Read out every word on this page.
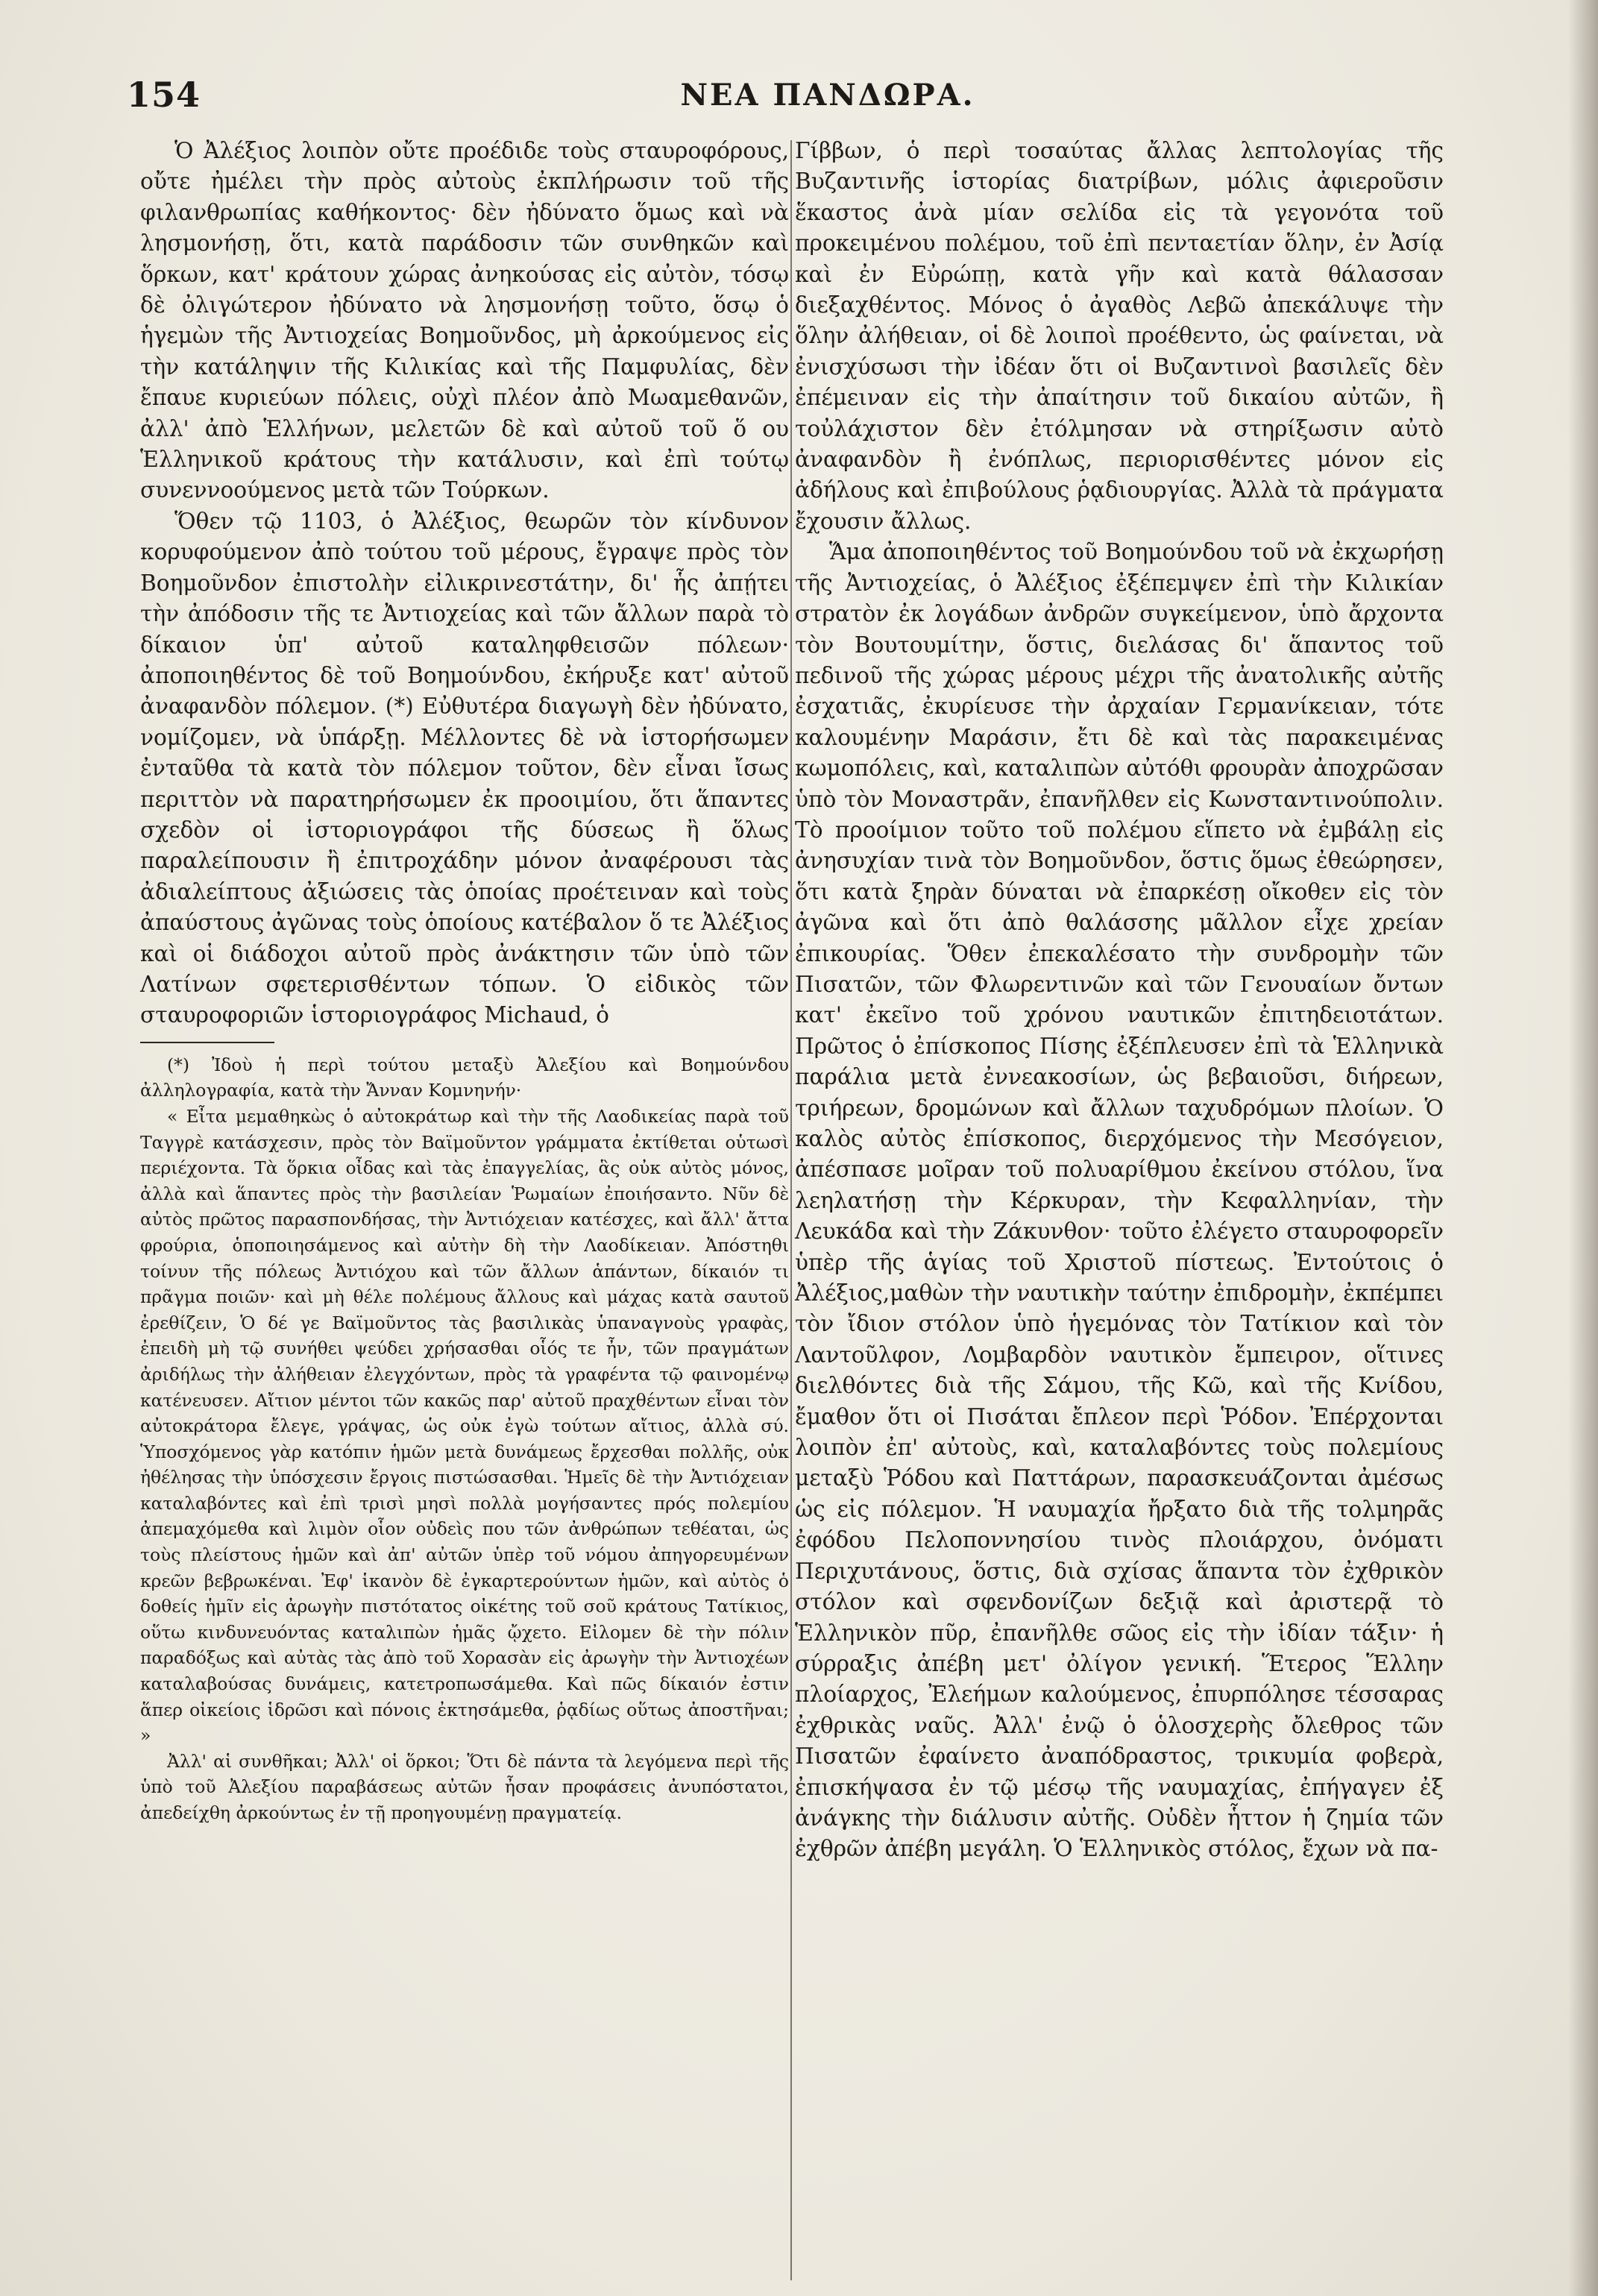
154	ΝΕΑ ΠΑΝΔΩΡΑ.

Ὁ Ἀλέξιος λοιπὸν οὔτε προέδιδε τοὺς σταυροφόρους, οὔτε ἠμέλει τὴν πρὸς αὐτοὺς ἐκπλήρωσιν τοῦ τῆς φιλανθρωπίας καθήκοντος· δὲν ἠδύνατο ὅμως καὶ νὰ λησμονήσῃ, ὅτι, κατὰ παράδοσιν τῶν συνθηκῶν καὶ ὅρκων, κατ' κράτουν χώρας ἀνηκούσας εἰς αὐτὸν, τόσῳ δὲ ὀλιγώτερον ἠδύνατο νὰ λησμονήσῃ τοῦτο, ὅσῳ ὁ ἡγεμὼν τῆς Ἀντιοχείας Βοημοῦνδος, μὴ ἀρκούμενος εἰς τὴν κατάληψιν τῆς Κιλικίας καὶ τῆς Παμφυλίας, δὲν ἔπαυε κυριεύων πόλεις, οὐχὶ πλέον ἀπὸ Μωαμεθανῶν, ἀλλ' ἀπὸ Ἑλλήνων, μελετῶν δὲ καὶ αὐτοῦ τοῦ ὅ ου Ἑλληνικοῦ κράτους τὴν κατάλυσιν, καὶ ἐπὶ τούτῳ συνεννοούμενος μετὰ τῶν Τούρκων.

Ὅθεν τῷ 1103, ὁ Ἀλέξιος, θεωρῶν τὸν κίνδυνον κορυφούμενον ἀπὸ τούτου τοῦ μέρους, ἔγραψε πρὸς τὸν Βοημοῦνδον ἐπιστολὴν εἰλικρινεστάτην, δι' ἧς ἀπῄτει τὴν ἀπόδοσιν τῆς τε Ἀντιοχείας καὶ τῶν ἄλλων παρὰ τὸ δίκαιον ὑπ' αὐτοῦ καταληφθεισῶν πόλεων· ἀποποιηθέντος δὲ τοῦ Βοημούνδου, ἐκήρυξε κατ' αὐτοῦ ἀναφανδὸν πόλεμον. (*) Εὐθυτέρα διαγωγὴ δὲν ἠδύνατο, νομίζομεν, νὰ ὑπάρξῃ. Μέλλοντες δὲ νὰ ἱστορήσωμεν ἐνταῦθα τὰ κατὰ τὸν πόλεμον τοῦτον, δὲν εἶναι ἴσως περιττὸν νὰ παρατηρήσωμεν ἐκ προοιμίου, ὅτι ἅπαντες σχεδὸν οἱ ἱστοριογράφοι τῆς δύσεως ἢ ὅλως παραλείπουσιν ἢ ἐπιτροχάδην μόνον ἀναφέρουσι τὰς ἀδιαλείπτους ἀξιώσεις τὰς ὁποίας προέτειναν καὶ τοὺς ἀπαύστους ἀγῶνας τοὺς ὁποίους κατέβαλον ὅ τε Ἀλέξιος καὶ οἱ διάδοχοι αὐτοῦ πρὸς ἀνάκτησιν τῶν ὑπὸ τῶν Λατίνων σφετερισθέντων τόπων. Ὁ εἰδικὸς τῶν σταυροφοριῶν ἱστοριογράφος Michaud, ὁ

(*) Ἰδοὺ ἡ περὶ τούτου μεταξὺ Ἀλεξίου καὶ Βοημούνδου ἀλληλογραφία, κατὰ τὴν Ἄνναν Κομνηνήν·

« Εἶτα μεμαθηκὼς ὁ αὐτοκράτωρ καὶ τὴν τῆς Λαοδικείας παρὰ τοῦ Ταγγρὲ κατάσχεσιν, πρὸς τὸν Βαϊμοῦντον γράμματα ἐκτίθεται οὑτωσὶ περιέχοντα. Τὰ ὅρκια οἶδας καὶ τὰς ἐπαγγελίας, ἃς οὐκ αὐτὸς μόνος, ἀλλὰ καὶ ἅπαντες πρὸς τὴν βασιλείαν Ῥωμαίων ἐποιήσαντο. Νῦν δὲ αὐτὸς πρῶτος παρασπονδήσας, τὴν Ἀντιόχειαν κατέσχες, καὶ ἄλλ' ἄττα φρούρια, ὁποποιησάμενος καὶ αὐτὴν δὴ τὴν Λαοδίκειαν. Ἀπόστηθι τοίνυν τῆς πόλεως Ἀντιόχου καὶ τῶν ἄλλων ἁπάντων, δίκαιόν τι πρᾶγμα ποιῶν· καὶ μὴ θέλε πολέμους ἄλλους καὶ μάχας κατὰ σαυτοῦ ἐρεθίζειν, Ὁ δέ γε Βαϊμοῦντος τὰς βασιλικὰς ὑπαναγνοὺς γραφὰς, ἐπειδὴ μὴ τῷ συνήθει ψεύδει χρήσασθαι οἷός τε ἦν, τῶν πραγμάτων ἀριδήλως τὴν ἀλήθειαν ἐλεγχόντων, πρὸς τὰ γραφέντα τῷ φαινομένῳ κατένευσεν. Αἴτιον μέντοι τῶν κακῶς παρ' αὐτοῦ πραχθέντων εἶναι τὸν αὐτοκράτορα ἔλεγε, γράψας, ὡς οὐκ ἐγὼ τούτων αἴτιος, ἀλλὰ σύ. Ὑποσχόμενος γὰρ κατόπιν ἡμῶν μετὰ δυνάμεως ἔρχεσθαι πολλῆς, οὐκ ἠθέλησας τὴν ὑπόσχεσιν ἔργοις πιστώσασθαι. Ἡμεῖς δὲ τὴν Ἀντιόχειαν καταλαβόντες καὶ ἐπὶ τρισὶ μησὶ πολλὰ μογήσαντες πρός πολεμίου ἀπεμαχόμεθα καὶ λιμὸν οἷον οὐδεὶς που τῶν ἀνθρώπων τεθέαται, ὡς τοὺς πλείστους ἡμῶν καὶ ἀπ' αὐτῶν ὑπὲρ τοῦ νόμου ἀπηγορευμένων κρεῶν βεβρωκέναι. Ἐφ' ἱκανὸν δὲ ἐγκαρτερούντων ἡμῶν, καὶ αὐτὸς ὁ δοθείς ἡμῖν εἰς ἀρωγὴν πιστότατος οἰκέτης τοῦ σοῦ κράτους Τατίκιος, οὕτω κινδυνευόντας καταλιπὼν ἡμᾶς ᾤχετο. Εἰλομεν δὲ τὴν πόλιν παραδόξως καὶ αὐτὰς τὰς ἀπὸ τοῦ Χορασὰν εἰς ἀρωγὴν τὴν Ἀντιοχέων καταλαβούσας δυνάμεις, κατετροπωσάμεθα. Καὶ πῶς δίκαιόν ἐστιν ἅπερ οἰκείοις ἱδρῶσι καὶ πόνοις ἐκτησάμεθα, ῥᾳδίως οὕτως ἀποστῆναι; »

Ἀλλ' αἱ συνθῆκαι; Ἀλλ' οἱ ὅρκοι; Ὅτι δὲ πάντα τὰ λεγόμενα περὶ τῆς ὑπὸ τοῦ Ἀλεξίου παραβάσεως αὐτῶν ἦσαν προφάσεις ἀνυπόστατοι, ἀπεδείχθη ἀρκούντως ἐν τῇ προηγουμένῃ πραγματείᾳ.

Γίββων, ὁ περὶ τοσαύτας ἄλλας λεπτολογίας τῆς Βυζαντινῆς ἱστορίας διατρίβων, μόλις ἀφιεροῦσιν ἕκαστος ἀνὰ μίαν σελίδα εἰς τὰ γεγονότα τοῦ προκειμένου πολέμου, τοῦ ἐπὶ πενταετίαν ὅλην, ἐν Ἀσίᾳ καὶ ἐν Εὐρώπῃ, κατὰ γῆν καὶ κατὰ θάλασσαν διεξαχθέντος. Μόνος ὁ ἀγαθὸς Λεβῶ ἀπεκάλυψε τὴν ὅλην ἀλήθειαν, οἱ δὲ λοιποὶ προέθεντο, ὡς φαίνεται, νὰ ἐνισχύσωσι τὴν ἰδέαν ὅτι οἱ Βυζαντινοὶ βασιλεῖς δὲν ἐπέμειναν εἰς τὴν ἀπαίτησιν τοῦ δικαίου αὐτῶν, ἢ τοὐλάχιστον δὲν ἐτόλμησαν νὰ στηρίξωσιν αὐτὸ ἀναφανδὸν ἢ ἐνόπλως, περιορισθέντες μόνον εἰς ἀδήλους καὶ ἐπιβούλους ῥᾳδιουργίας. Ἀλλὰ τὰ πράγματα ἔχουσιν ἄλλως.

Ἅμα ἀποποιηθέντος τοῦ Βοημούνδου τοῦ νὰ ἐκχωρήσῃ τῆς Ἀντιοχείας, ὁ Ἀλέξιος ἐξέπεμψεν ἐπὶ τὴν Κιλικίαν στρατὸν ἐκ λογάδων ἀνδρῶν συγκείμενον, ὑπὸ ἄρχοντα τὸν Βουτουμίτην, ὅστις, διελάσας δι' ἅπαντος τοῦ πεδινοῦ τῆς χώρας μέρους μέχρι τῆς ἀνατολικῆς αὐτῆς ἐσχατιᾶς, ἐκυρίευσε τὴν ἀρχαίαν Γερμανίκειαν, τότε καλουμένην Μαράσιν, ἔτι δὲ καὶ τὰς παρακειμένας κωμοπόλεις, καὶ, καταλιπὼν αὐτόθι φρουρὰν ἀποχρῶσαν ὑπὸ τὸν Μοναστρᾶν, ἐπανῆλθεν εἰς Κωνσταντινούπολιν. Τὸ προοίμιον τοῦτο τοῦ πολέμου εἵπετο νὰ ἐμβάλῃ εἰς ἀνησυχίαν τινὰ τὸν Βοημοῦνδον, ὅστις ὅμως ἐθεώρησεν, ὅτι κατὰ ξηρὰν δύναται νὰ ἐπαρκέσῃ οἴκοθεν εἰς τὸν ἀγῶνα καὶ ὅτι ἀπὸ θαλάσσης μᾶλλον εἶχε χρείαν ἐπικουρίας. Ὅθεν ἐπεκαλέσατο τὴν συνδρομὴν τῶν Πισατῶν, τῶν Φλωρεντινῶν καὶ τῶν Γενουαίων ὄντων κατ' ἐκεῖνο τοῦ χρόνου ναυτικῶν ἐπιτηδειοτάτων. Πρῶτος ὁ ἐπίσκοπος Πίσης ἐξέπλευσεν ἐπὶ τὰ Ἑλληνικὰ παράλια μετὰ ἐννεακοσίων, ὡς βεβαιοῦσι, διήρεων, τριήρεων, δρομώνων καὶ ἄλλων ταχυδρόμων πλοίων. Ὁ καλὸς αὐτὸς ἐπίσκοπος, διερχόμενος τὴν Μεσόγειον, ἀπέσπασε μοῖραν τοῦ πολυαρίθμου ἐκείνου στόλου, ἵνα λεηλατήσῃ τὴν Κέρκυραν, τὴν Κεφαλληνίαν, τὴν Λευκάδα καὶ τὴν Ζάκυνθον· τοῦτο ἐλέγετο σταυροφορεῖν ὑπὲρ τῆς ἁγίας τοῦ Χριστοῦ πίστεως. Ἐντούτοις ὁ Ἀλέξιος,μαθὼν τὴν ναυτικὴν ταύτην ἐπιδρομὴν, ἐκπέμπει τὸν ἴδιον στόλον ὑπὸ ἡγεμόνας τὸν Τατίκιον καὶ τὸν Λαντοῦλφον, Λομβαρδὸν ναυτικὸν ἔμπειρον, οἵτινες διελθόντες διὰ τῆς Σάμου, τῆς Κῶ, καὶ τῆς Κνίδου, ἔμαθον ὅτι οἱ Πισάται ἔπλεον περὶ Ῥόδον. Ἐπέρχονται λοιπὸν ἐπ' αὐτοὺς, καὶ, καταλαβόντες τοὺς πολεμίους μεταξὺ Ῥόδου καὶ Παττάρων, παρασκευάζονται ἀμέσως ὡς εἰς πόλεμον. Ἡ ναυμαχία ἤρξατο διὰ τῆς τολμηρᾶς ἐφόδου Πελοποννησίου τινὸς πλοιάρχου, ὀνόματι Περιχυτάνους, ὅστις, διὰ σχίσας ἅπαντα τὸν ἐχθρικὸν στόλον καὶ σφενδονίζων δεξιᾷ καὶ ἀριστερᾷ τὸ Ἑλληνικὸν πῦρ, ἐπανῆλθε σῶος εἰς τὴν ἰδίαν τάξιν· ἡ σύρραξις ἀπέβη μετ' ὀλίγον γενική. Ἕτερος Ἕλλην πλοίαρχος, Ἐλεήμων καλούμενος, ἐπυρπόλησε τέσσαρας ἐχθρικὰς ναῦς. Ἀλλ' ἐνῷ ὁ ὁλοσχερὴς ὄλεθρος τῶν Πισατῶν ἐφαίνετο ἀναπόδραστος, τρικυμία φοβερὰ, ἐπισκήψασα ἐν τῷ μέσῳ τῆς ναυμαχίας, ἐπήγαγεν ἐξ ἀνάγκης τὴν διάλυσιν αὐτῆς. Οὐδὲν ἧττον ἡ ζημία τῶν ἐχθρῶν ἀπέβη μεγάλη. Ὁ Ἑλληνικὸς στόλος, ἔχων νὰ πα-
